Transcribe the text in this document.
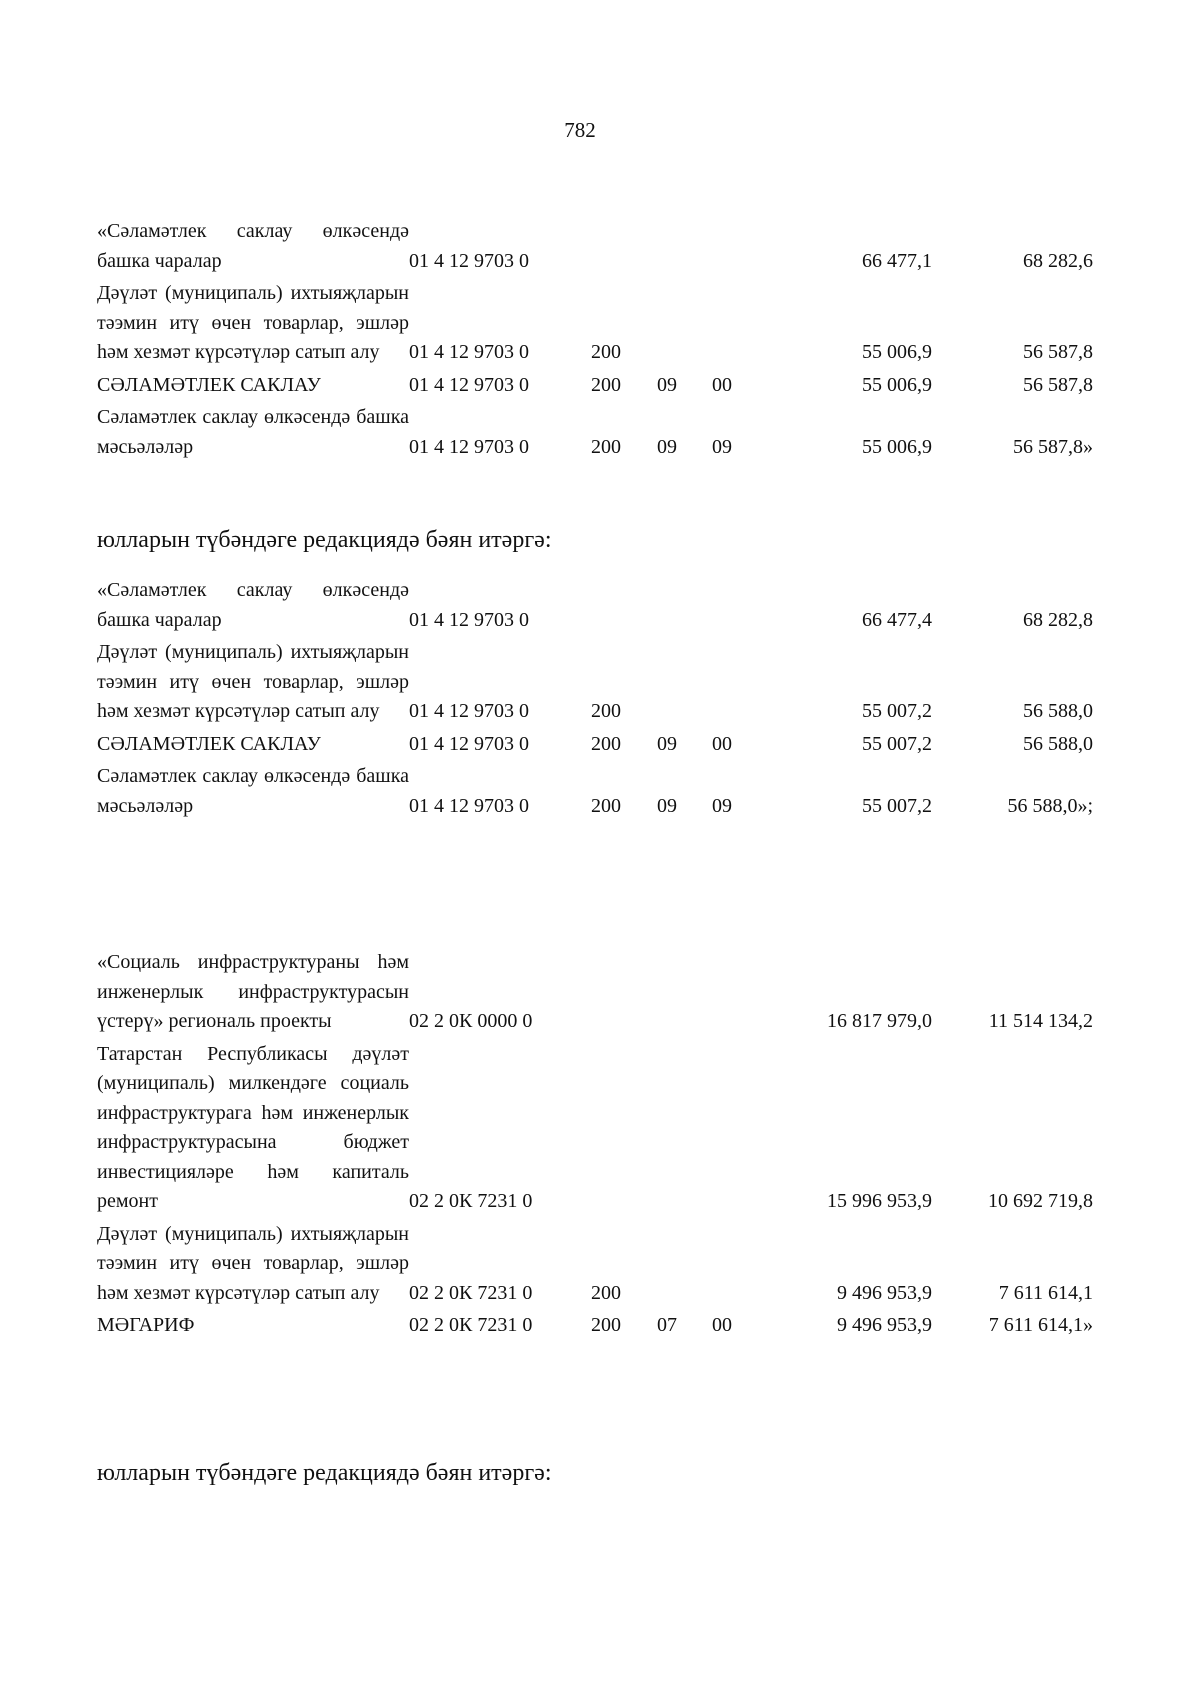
782
«Сәламәтлек саклау өлкәсендә башка чаралар	01 4 12 9703 0				66 477,1	68 282,6
Дәүләт (муниципаль) ихтыяҗларын тәэмин итү өчен товарлар, эшләр һәм хезмәт күрсәтүләр сатып алу	01 4 12 9703 0	200			55 006,9	56 587,8
СӘЛАМӘТЛЕК САКЛАУ	01 4 12 9703 0	200	09	00	55 006,9	56 587,8
Сәламәтлек саклау өлкәсендә башка мәсьәләләр	01 4 12 9703 0	200	09	09	55 006,9	56 587,8»
юлларын түбәндәге редакциядә бәян итәргә:
«Сәламәтлек саклау өлкәсендә башка чаралар	01 4 12 9703 0				66 477,4	68 282,8
Дәүләт (муниципаль) ихтыяҗларын тәэмин итү өчен товарлар, эшләр һәм хезмәт күрсәтүләр сатып алу	01 4 12 9703 0	200			55 007,2	56 588,0
СӘЛАМӘТЛЕК САКЛАУ	01 4 12 9703 0	200	09	00	55 007,2	56 588,0
Сәламәтлек саклау өлкәсендә башка мәсьәләләр	01 4 12 9703 0	200	09	09	55 007,2	56 588,0»;
«Социаль инфраструктураны һәм инженерлык инфраструктурасын үстерү» региональ проекты	02 2 0К 0000 0				16 817 979,0	11 514 134,2
Татарстан Республикасы дәүләт (муниципаль) милкендәге социаль инфраструктурага һәм инженерлык инфраструктурасына бюджет инвестицияләре һәм капиталь ремонт	02 2 0К 7231 0				15 996 953,9	10 692 719,8
Дәүләт (муниципаль) ихтыяҗларын тәэмин итү өчен товарлар, эшләр һәм хезмәт күрсәтүләр сатып алу	02 2 0К 7231 0	200			9 496 953,9	7 611 614,1
МӘГАРИФ	02 2 0К 7231 0	200	07	00	9 496 953,9	7 611 614,1»
юлларын түбәндәге редакциядә бәян итәргә:
